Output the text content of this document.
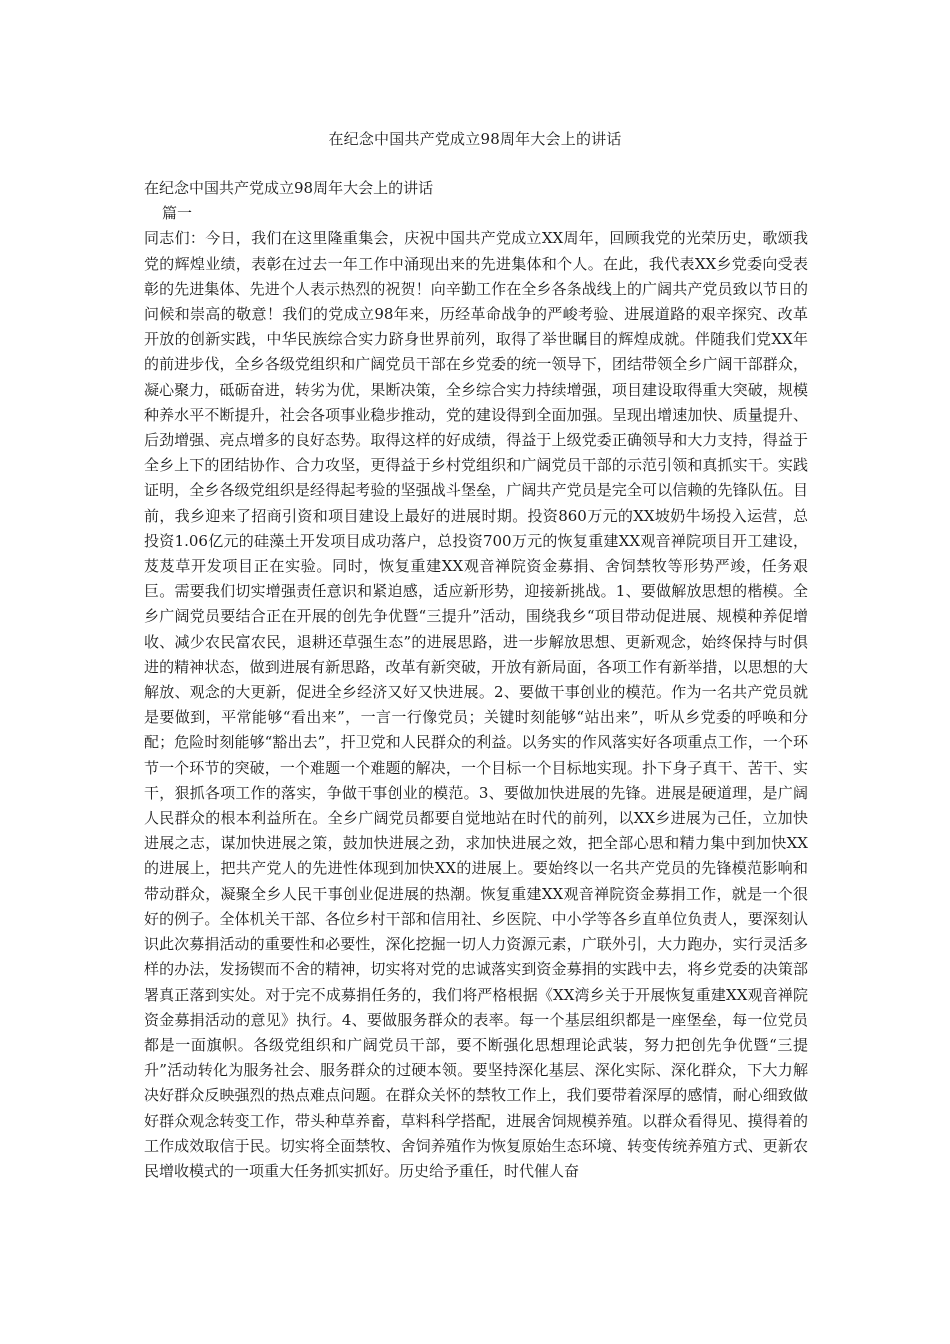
在纪念中国共产党成立98周年大会上的讲话
在纪念中国共产党成立98周年大会上的讲话

篇一

同志们：今日，我们在这里隆重集会，庆祝中国共产党成立XX周年，回顾我党的光荣历史，歌颂我党的辉煌业绩，表彰在过去一年工作中涌现出来的先进集体和个人。在此，我代表XX乡党委向受表彰的先进集体、先进个人表示热烈的祝贺！向辛勤工作在全乡各条战线上的广阔共产党员致以节日的问候和崇高的敬意！我们的党成立98年来，历经革命战争的严峻考验、进展道路的艰辛探究、改革开放的创新实践，中华民族综合实力跻身世界前列，取得了举世瞩目的辉煌成就。伴随我们党XX年的前进步伐，全乡各级党组织和广阔党员干部在乡党委的统一领导下，团结带领全乡广阔干部群众，凝心聚力，砥砺奋进，转劣为优，果断决策，全乡综合实力持续增强，项目建设取得重大突破，规模种养水平不断提升，社会各项事业稳步推动，党的建设得到全面加强。呈现出增速加快、质量提升、后劲增强、亮点增多的良好态势。取得这样的好成绩，得益于上级党委正确领导和大力支持，得益于全乡上下的团结协作、合力攻坚，更得益于乡村党组织和广阔党员干部的示范引领和真抓实干。实践证明，全乡各级党组织是经得起考验的坚强战斗堡垒，广阔共产党员是完全可以信赖的先锋队伍。目前，我乡迎来了招商引资和项目建设上最好的进展时期。投资860万元的XX坡奶牛场投入运营，总投资1.06亿元的硅藻土开发项目成功落户，总投资700万元的恢复重建XX观音禅院项目开工建设，芨芨草开发项目正在实验。同时，恢复重建XX观音禅院资金募捐、舍饲禁牧等形势严竣，任务艰巨。需要我们切实增强责任意识和紧迫感，适应新形势，迎接新挑战。1、要做解放思想的楷模。全乡广阔党员要结合正在开展的创先争优暨“三提升”活动，围绕我乡“项目带动促进展、规模种养促增收、减少农民富农民，退耕还草强生态”的进展思路，进一步解放思想、更新观念，始终保持与时俱进的精神状态，做到进展有新思路，改革有新突破，开放有新局面，各项工作有新举措，以思想的大解放、观念的大更新，促进全乡经济又好又快进展。2、要做干事创业的模范。作为一名共产党员就是要做到，平常能够“看出来”，一言一行像党员；关键时刻能够“站出来”，听从乡党委的呼唤和分配；危险时刻能够“豁出去”，扞卫党和人民群众的利益。以务实的作风落实好各项重点工作，一个环节一个环节的突破，一个难题一个难题的解决，一个目标一个目标地实现。扑下身子真干、苦干、实干，狠抓各项工作的落实，争做干事创业的模范。3、要做加快进展的先锋。进展是硬道理，是广阔人民群众的根本利益所在。全乡广阔党员都要自觉地站在时代的前列，以XX乡进展为己任，立加快进展之志，谋加快进展之策，鼓加快进展之劲，求加快进展之效，把全部心思和精力集中到加快XX的进展上，把共产党人的先进性体现到加快XX的进展上。要始终以一名共产党员的先锋模范影响和带动群众，凝聚全乡人民干事创业促进展的热潮。恢复重建XX观音禅院资金募捐工作，就是一个很好的例子。全体机关干部、各位乡村干部和信用社、乡医院、中小学等各乡直单位负责人，要深刻认识此次募捐活动的重要性和必要性，深化挖掘一切人力资源元素，广联外引，大力跑办，实行灵活多样的办法，发扬锲而不舍的精神，切实将对党的忠诚落实到资金募捐的实践中去，将乡党委的决策部署真正落到实处。对于完不成募捐任务的，我们将严格根据《XX湾乡关于开展恢复重建XX观音禅院资金募捐活动的意见》执行。4、要做服务群众的表率。每一个基层组织都是一座堡垒，每一位党员都是一面旗帜。各级党组织和广阔党员干部，要不断强化思想理论武装，努力把创先争优暨“三提升”活动转化为服务社会、服务群众的过硬本领。要坚持深化基层、深化实际、深化群众，下大力解决好群众反映强烈的热点难点问题。在群众关怀的禁牧工作上，我们要带着深厚的感情，耐心细致做好群众观念转变工作，带头种草养畜，草料科学搭配，进展舍饲规模养殖。以群众看得见、摸得着的工作成效取信于民。切实将全面禁牧、舍饲养殖作为恢复原始生态环境、转变传统养殖方式、更新农民增收模式的一项重大任务抓实抓好。历史给予重任，时代催人奋
